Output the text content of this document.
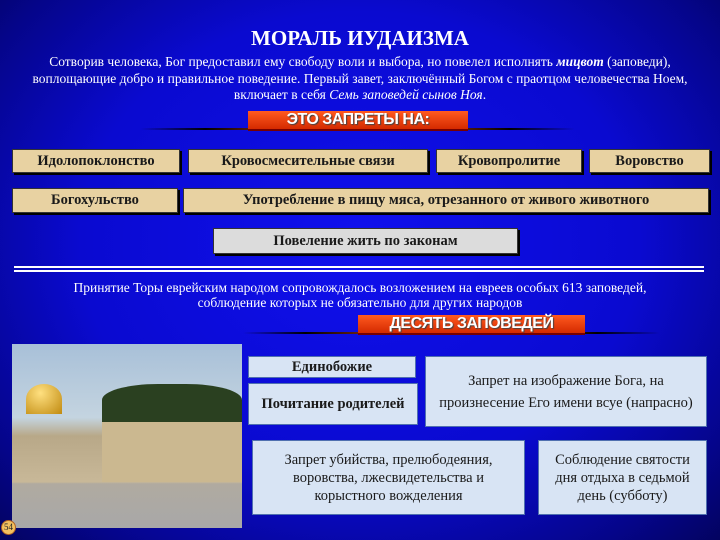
МОРАЛЬ ИУДАИЗМА
Сотворив человека, Бог предоставил ему свободу воли и выбора, но повелел исполнять мицвот (заповеди), воплощающие добро и правильное поведение. Первый завет, заключённый Богом с праотцом человечества Ноем, включает в себя Семь заповедей сынов Ноя.
ЭТО ЗАПРЕТЫ НА:
Идолопоклонство	Кровосмесительные связи	Кровопролитие	Воровство
Богохульство	Употребление в пищу мяса, отрезанного от живого животного
Повеление жить по законам
Принятие Торы еврейским народом сопровождалось возложением на евреев особых 613 заповедей, соблюдение которых не обязательно для других народов
ДЕСЯТЬ ЗАПОВЕДЕЙ
Единобожие
Почитание родителей
Запрет на изображение Бога, на произнесение Его имени всуе (напрасно)
Запрет убийства, прелюбодеяния, воровства, лжесвидетельства и корыстного вожделения
Соблюдение святости дня отдыха в седьмой день (субботу)
54
